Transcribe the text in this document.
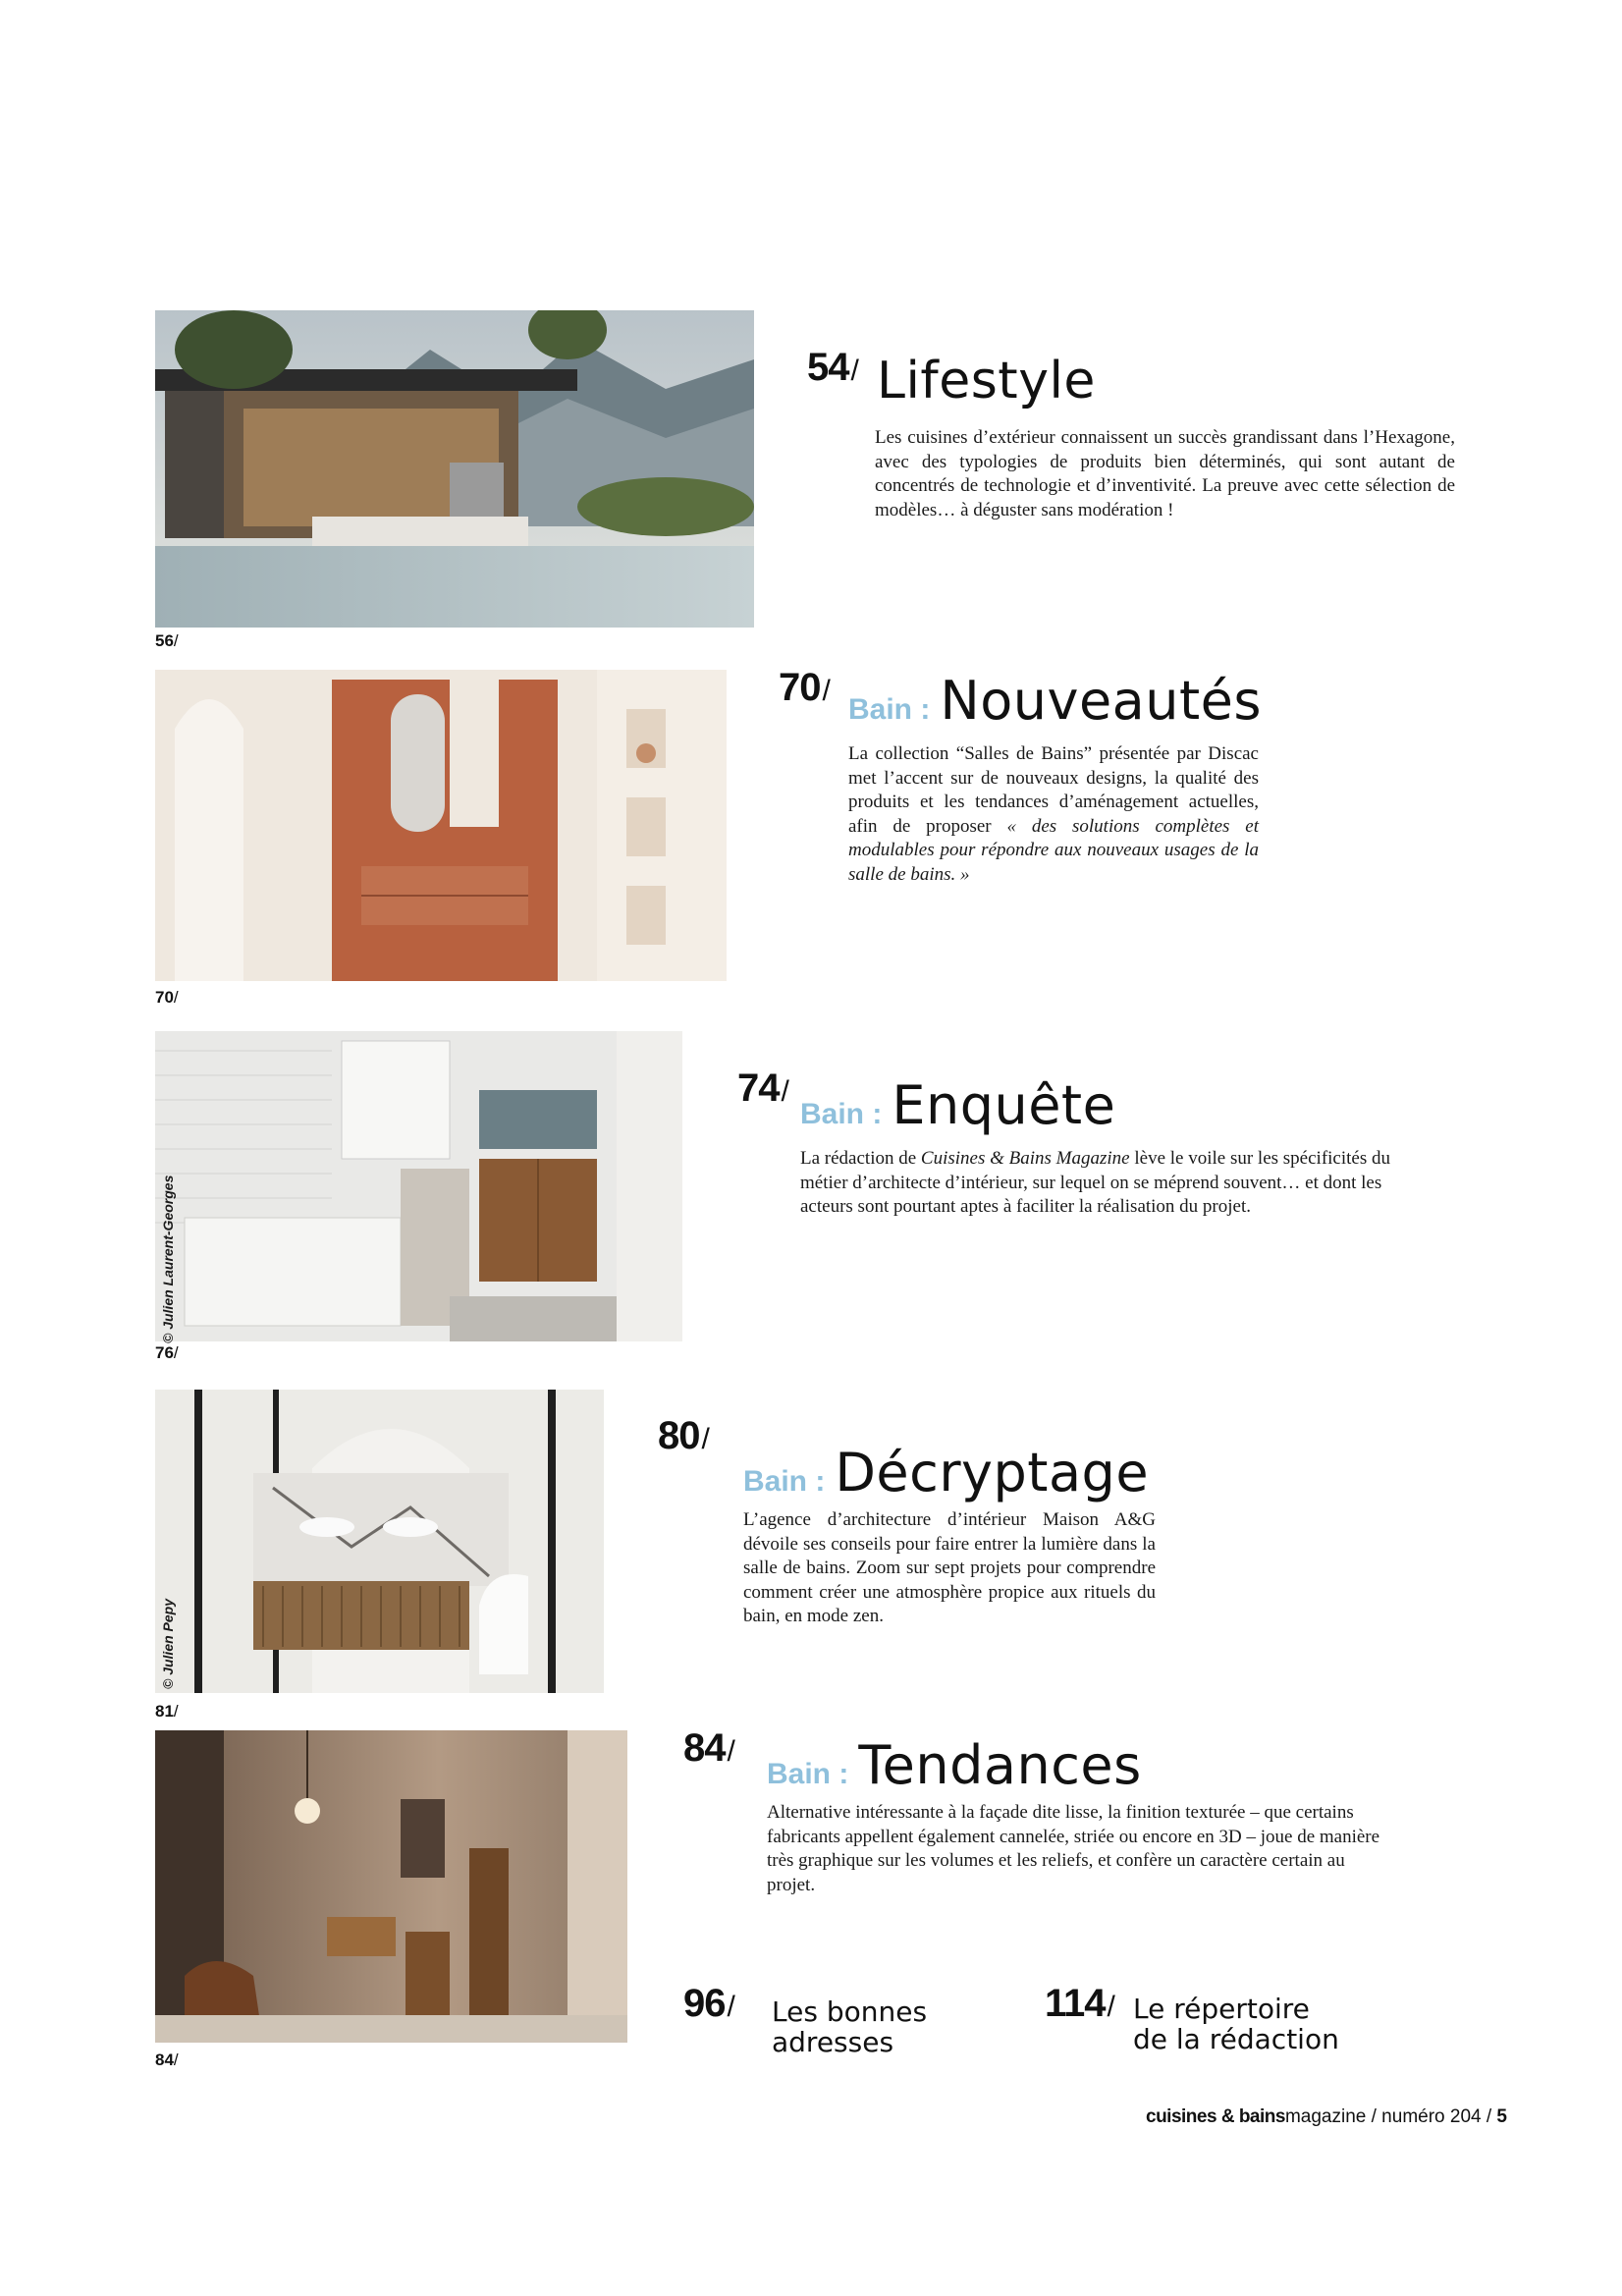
56/
54/ Lifestyle
Les cuisines d’extérieur connaissent un succès grandissant dans l’Hexagone, avec des typologies de produits bien déterminés, qui sont autant de concentrés de technologie et d’inventivité. La preuve avec cette sélection de modèles… à déguster sans modération !
70/
70/
Bain : Nouveautés
La collection “Salles de Bains” présentée par Discac met l’accent sur de nouveaux designs, la qualité des produits et les tendances d’aménagement actuelles, afin de proposer « des solutions complètes et modulables pour répondre aux nouveaux usages de la salle de bains. »
© Julien Laurent-Georges
76/
74/
Bain : Enquête
La rédaction de Cuisines & Bains Magazine lève le voile sur les spécificités du métier d’architecte d’intérieur, sur lequel on se méprend souvent… et dont les acteurs sont pourtant aptes à faciliter la réalisation du projet.
© Julien Pepy
81/
80/
Bain : Décryptage
L’agence d’architecture d’intérieur Maison A&G dévoile ses conseils pour faire entrer la lumière dans la salle de bains. Zoom sur sept projets pour comprendre comment créer une atmosphère propice aux rituels du bain, en mode zen.
84/
84/
Bain : Tendances
Alternative intéressante à la façade dite lisse, la finition texturée – que certains fabricants appellent également cannelée, striée ou encore en 3D – joue de manière très graphique sur les volumes et les reliefs, et confère un caractère certain au projet.
96/ Les bonnes
adresses
114/ Le répertoire
de la rédaction
cuisines & bainsmagazine / numéro 204 / 5
